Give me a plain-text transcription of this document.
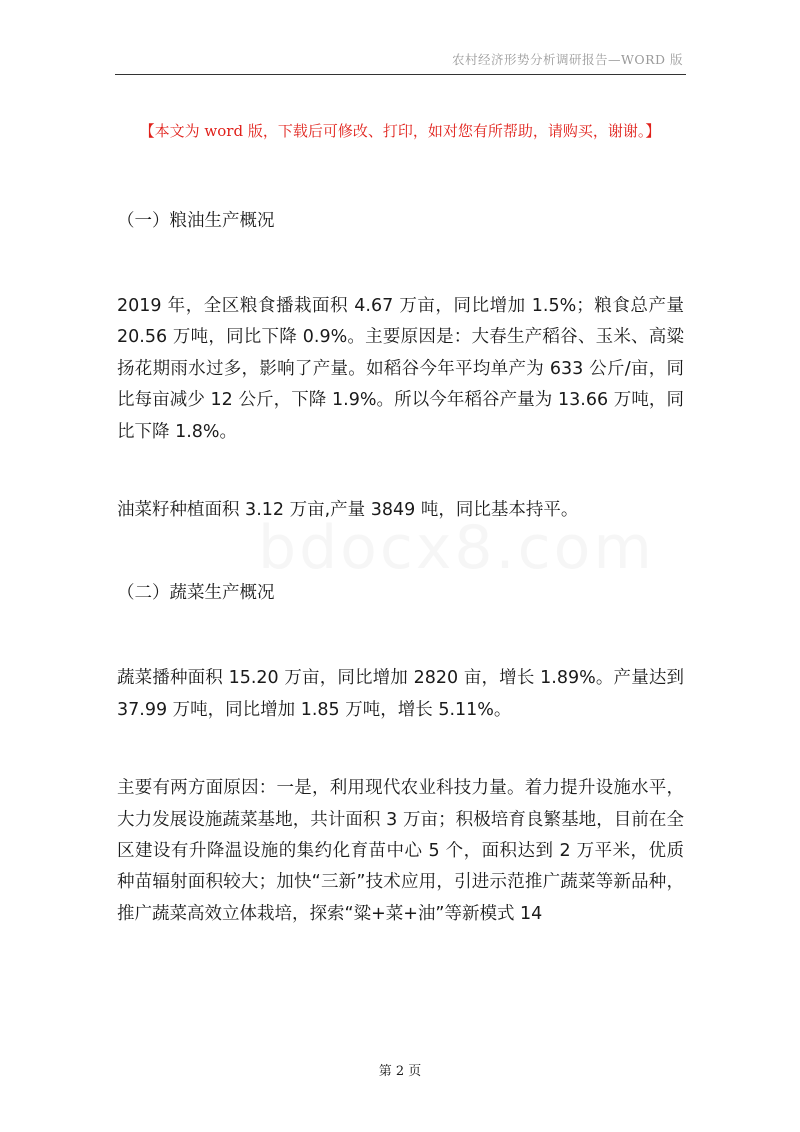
农村经济形势分析调研报告—WORD 版
【本文为 word 版，下载后可修改、打印，如对您有所帮助，请购买，谢谢。】
bdocx8.com

（一）粮油生产概况

2019 年，全区粮食播栽面积 4.67 万亩，同比增加 1.5%；粮食总产量 20.56 万吨，同比下降 0.9%。主要原因是：大春生产稻谷、玉米、高粱扬花期雨水过多，影响了产量。如稻谷今年平均单产为 633 公斤/亩，同比每亩减少 12 公斤，下降 1.9%。所以今年稻谷产量为 13.66 万吨，同比下降 1.8%。

油菜籽种植面积 3.12 万亩,产量 3849 吨，同比基本持平。

（二）蔬菜生产概况

蔬菜播种面积 15.20 万亩，同比增加 2820 亩，增长 1.89%。产量达到 37.99 万吨，同比增加 1.85 万吨，增长 5.11%。

主要有两方面原因：一是，利用现代农业科技力量。着力提升设施水平，大力发展设施蔬菜基地，共计面积 3 万亩；积极培育良繁基地，目前在全区建设有升降温设施的集约化育苗中心 5 个，面积达到 2 万平米，优质种苗辐射面积较大；加快“三新”技术应用，引进示范推广蔬菜等新品种，推广蔬菜高效立体栽培，探索“粱+菜+油”等新模式 14

第 2 页
